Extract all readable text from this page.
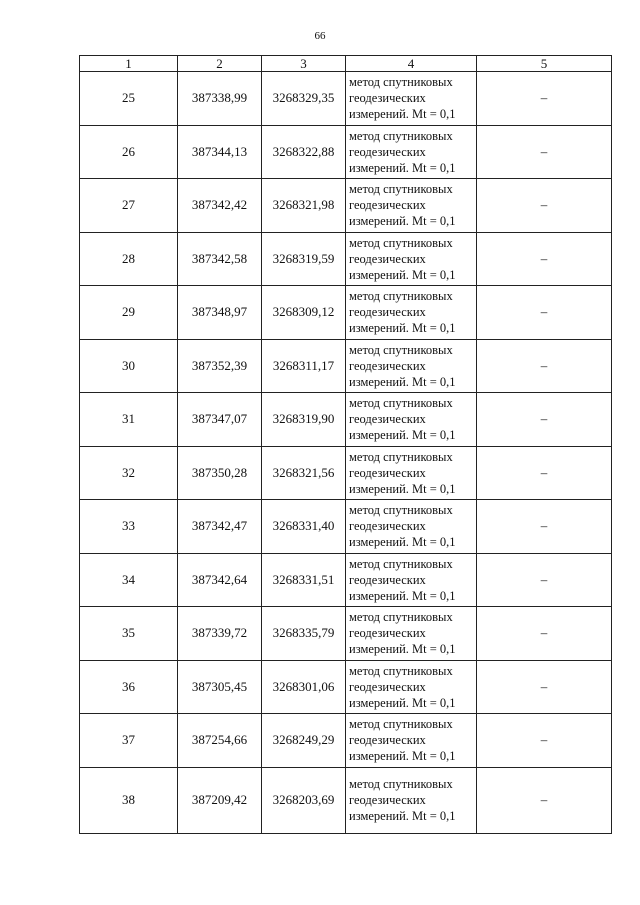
66
1	2	3	4	5
25	387338,99	3268329,35	метод спутниковых геодезических измерений. Mt = 0,1	–
26	387344,13	3268322,88	метод спутниковых геодезических измерений. Mt = 0,1	–
27	387342,42	3268321,98	метод спутниковых геодезических измерений. Mt = 0,1	–
28	387342,58	3268319,59	метод спутниковых геодезических измерений. Mt = 0,1	–
29	387348,97	3268309,12	метод спутниковых геодезических измерений. Mt = 0,1	–
30	387352,39	3268311,17	метод спутниковых геодезических измерений. Mt = 0,1	–
31	387347,07	3268319,90	метод спутниковых геодезических измерений. Mt = 0,1	–
32	387350,28	3268321,56	метод спутниковых геодезических измерений. Mt = 0,1	–
33	387342,47	3268331,40	метод спутниковых геодезических измерений. Mt = 0,1	–
34	387342,64	3268331,51	метод спутниковых геодезических измерений. Mt = 0,1	–
35	387339,72	3268335,79	метод спутниковых геодезических измерений. Mt = 0,1	–
36	387305,45	3268301,06	метод спутниковых геодезических измерений. Mt = 0,1	–
37	387254,66	3268249,29	метод спутниковых геодезических измерений. Mt = 0,1	–
38	387209,42	3268203,69	метод спутниковых геодезических измерений. Mt = 0,1	–
